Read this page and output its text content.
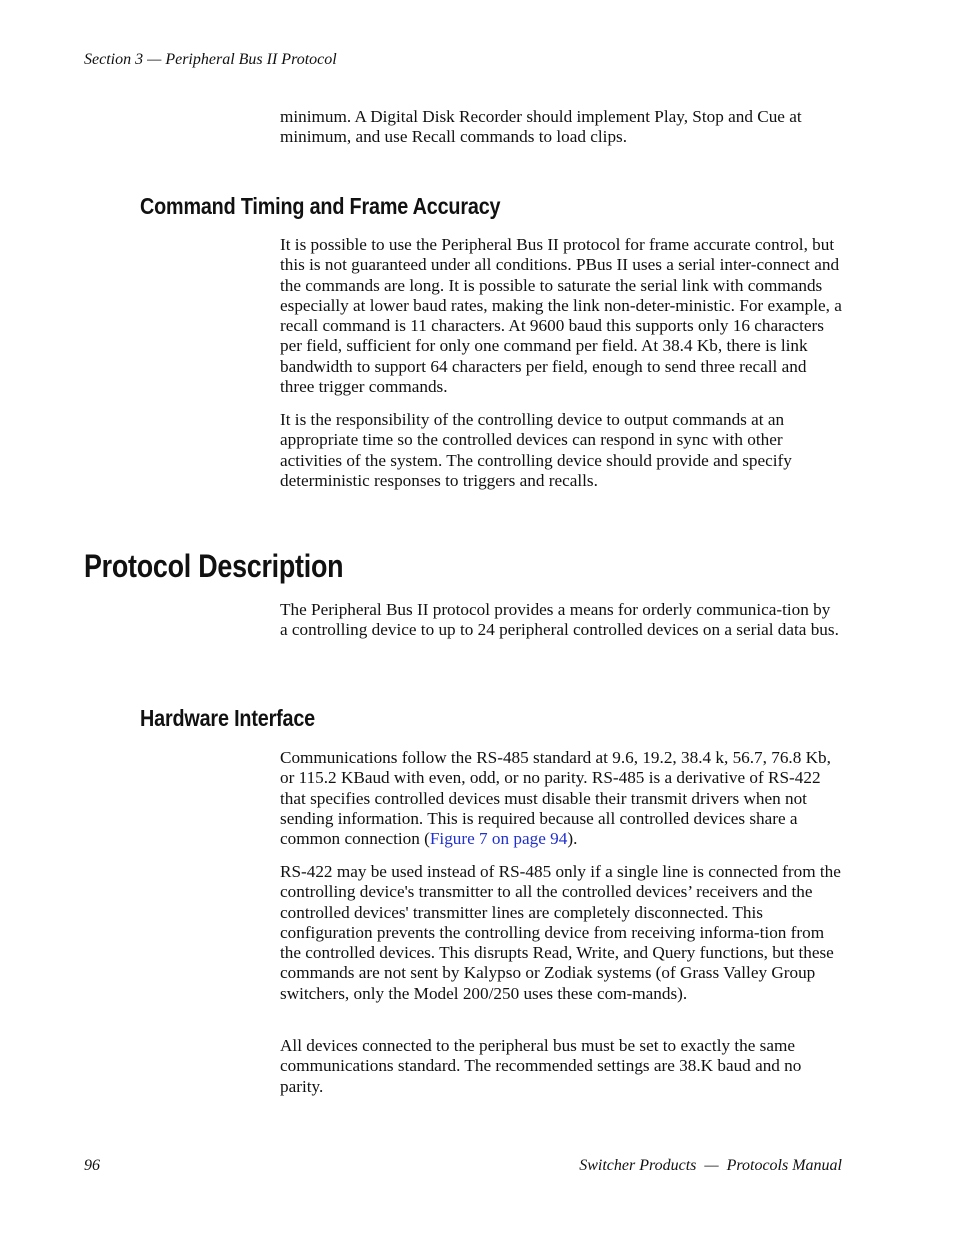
Section 3 — Peripheral Bus II Protocol

minimum. A Digital Disk Recorder should implement Play, Stop and Cue at minimum, and use Recall commands to load clips.

Command Timing and Frame Accuracy

It is possible to use the Peripheral Bus II protocol for frame accurate control, but this is not guaranteed under all conditions. PBus II uses a serial inter-connect and the commands are long. It is possible to saturate the serial link with commands especially at lower baud rates, making the link non-deter-ministic. For example, a recall command is 11 characters. At 9600 baud this supports only 16 characters per field, sufficient for only one command per field. At 38.4 Kb, there is link bandwidth to support 64 characters per field, enough to send three recall and three trigger commands.

It is the responsibility of the controlling device to output commands at an appropriate time so the controlled devices can respond in sync with other activities of the system. The controlling device should provide and specify deterministic responses to triggers and recalls.

Protocol Description

The Peripheral Bus II protocol provides a means for orderly communica-tion by a controlling device to up to 24 peripheral controlled devices on a serial data bus.

Hardware Interface

Communications follow the RS-485 standard at 9.6, 19.2, 38.4 k, 56.7, 76.8 Kb, or 115.2 KBaud with even, odd, or no parity. RS-485 is a derivative of RS-422 that specifies controlled devices must disable their transmit drivers when not sending information. This is required because all controlled devices share a common connection (Figure 7 on page 94).

RS-422 may be used instead of RS-485 only if a single line is connected from the controlling device's transmitter to all the controlled devices’ receivers and the controlled devices' transmitter lines are completely disconnected. This configuration prevents the controlling device from receiving informa-tion from the controlled devices. This disrupts Read, Write, and Query functions, but these commands are not sent by Kalypso or Zodiak systems (of Grass Valley Group switchers, only the Model 200/250 uses these com-mands).

All devices connected to the peripheral bus must be set to exactly the same communications standard. The recommended settings are 38.K baud and no parity.

96	Switcher Products  —  Protocols Manual
